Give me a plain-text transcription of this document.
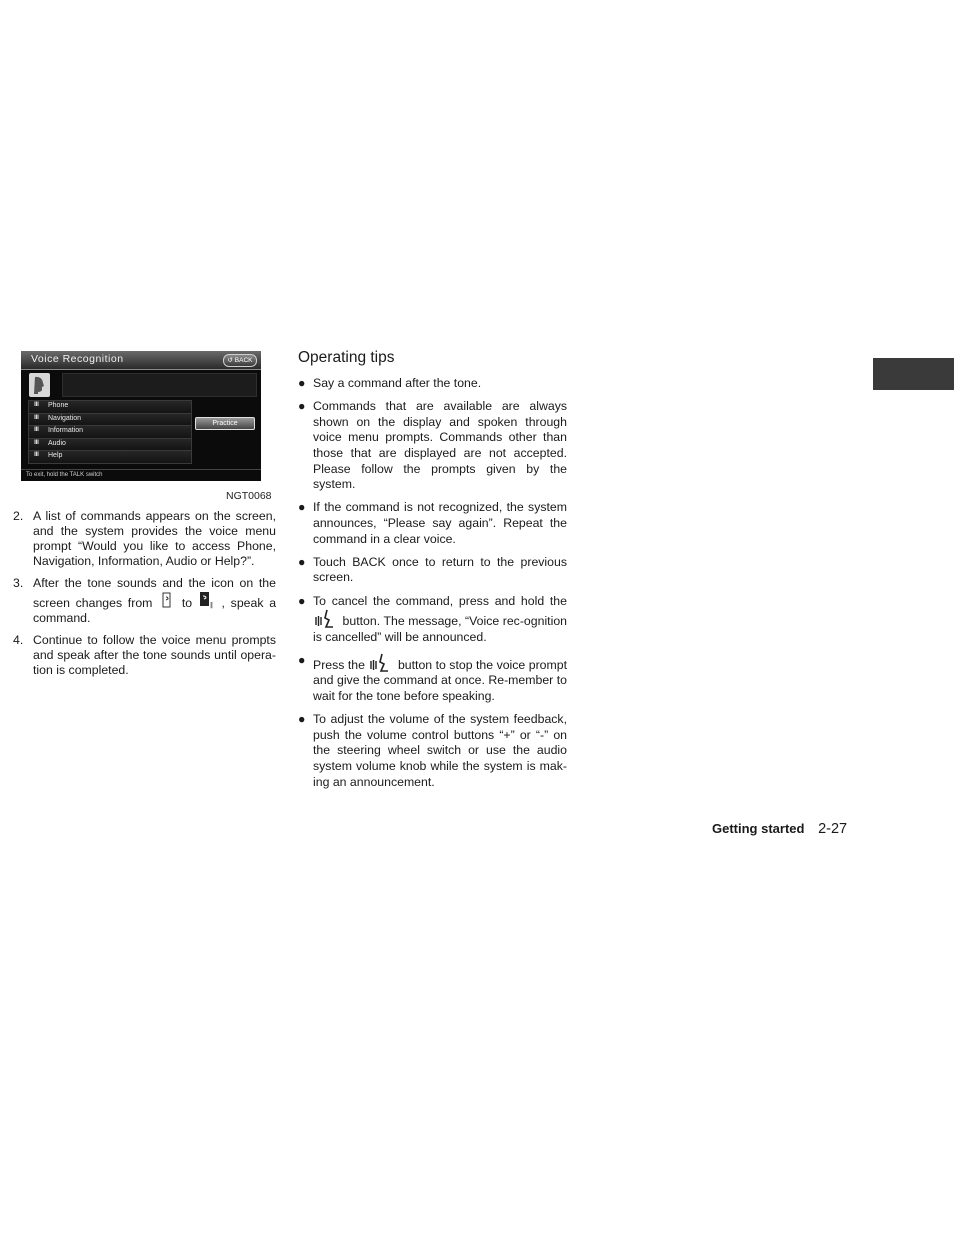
Voice Recognition	↺ BACK
‖‖ Phone
‖‖ Navigation
‖‖ Information
‖‖ Audio
‖‖ Help
Practice
To exit, hold the TALK switch
NGT0068
2. A list of commands appears on the screen, and the system provides the voice menu prompt “Would you like to access Phone, Navigation, Information, Audio or Help?”.
3. After the tone sounds and the icon on the screen changes from to	‖ , speak a command.
4. Continue to follow the voice menu prompts and speak after the tone sounds until opera-tion is completed.
Operating tips
● Say a command after the tone.
● Commands that are available are always shown on the display and spoken through voice menu prompts. Commands other than those that are displayed are not accepted. Please follow the prompts given by the system.
● If the command is not recognized, the system announces, “Please say again”. Repeat the command in a clear voice.
● Touch BACK once to return to the previous screen.
● To cancel the command, press and hold the  button. The message, “Voice rec-ognition is cancelled” will be announced.
● Press the	button to stop the voice prompt and give the command at once. Re-member to wait for the tone before speaking.
● To adjust the volume of the system feedback, push the volume control buttons “+” or “-” on the steering wheel switch or use the audio system volume knob while the system is mak-ing an announcement.
Getting started 2-27
